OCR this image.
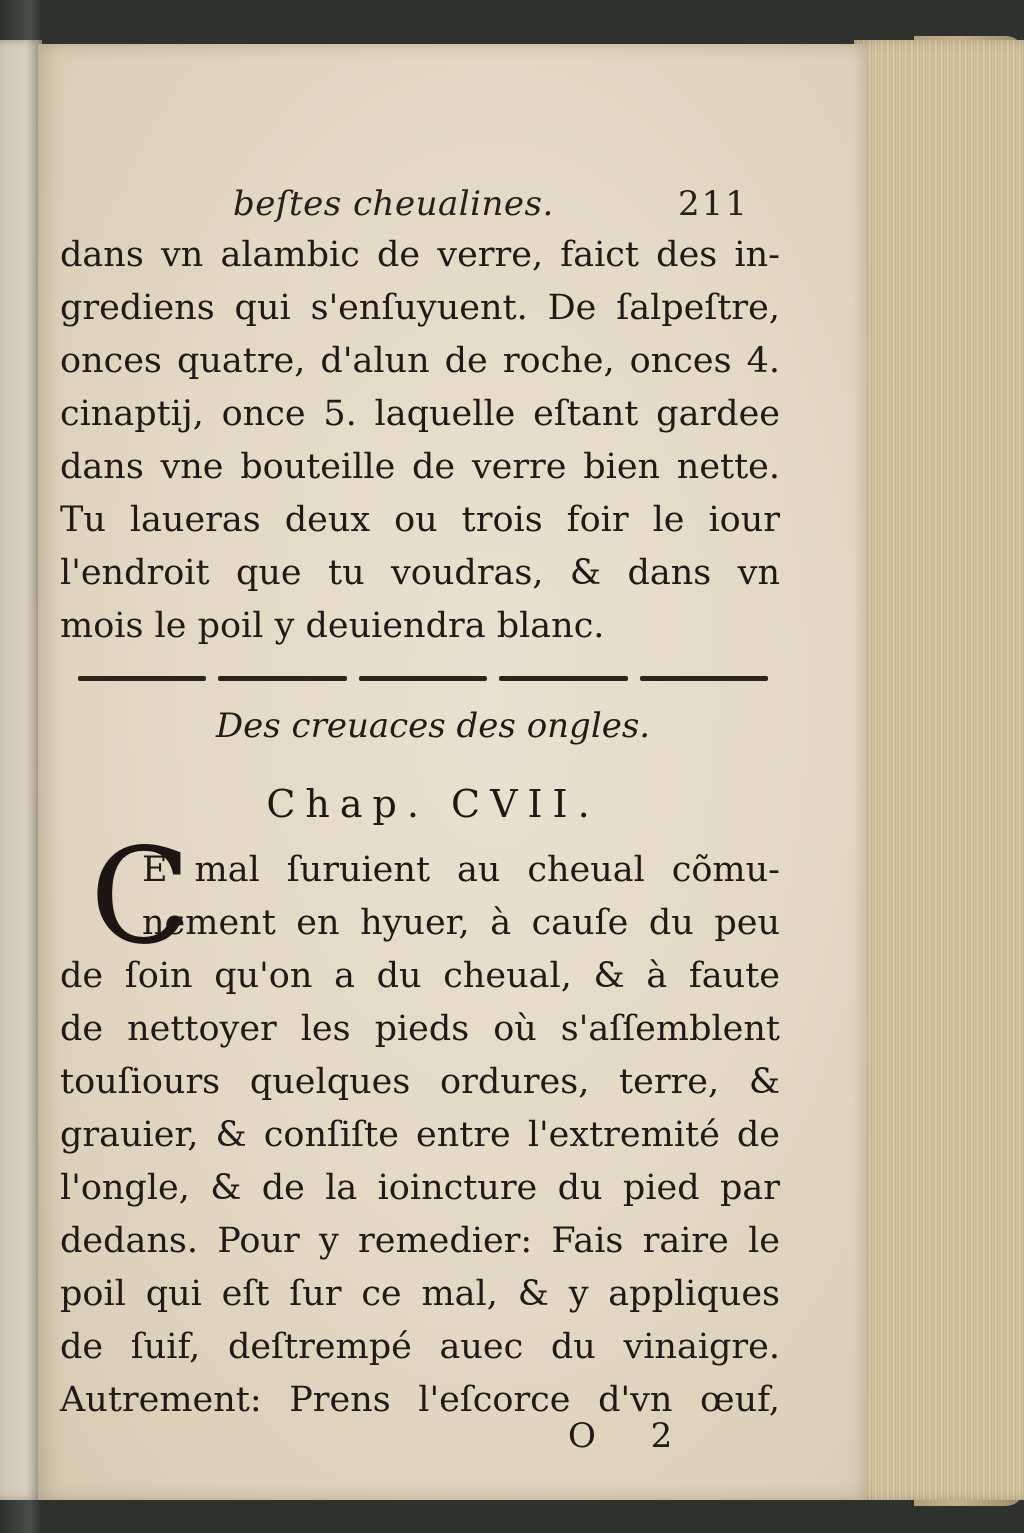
beſtes cheualines.	211
dans vn alambic de verre, faict des in-
grediens qui s'enſuyuent. De ſalpeſtre,
onces quatre, d'alun de roche, onces 4.
cinaptij, once 5. laquelle eſtant gardee
dans vne bouteille de verre bien nette.
Tu laueras deux ou trois foir le iour
l'endroit que tu voudras, & dans vn
mois le poil y deuiendra blanc.
Des creuaces des ongles.
Chap. CVII.
C
E mal ſuruient au cheual cõmu-
nement en hyuer, à cauſe du peu
de ſoin qu'on a du cheual, & à faute
de nettoyer les pieds où s'aſſemblent
touſiours quelques ordures, terre, &
grauier, & conſiſte entre l'extremité de
l'ongle, & de la ioincture du pied par
dedans. Pour y remedier: Fais raire le
poil qui eſt ſur ce mal, & y appliques
de ſuif, deſtrempé auec du vinaigre.
Autrement: Prens l'eſcorce d'vn œuf,
O 2
